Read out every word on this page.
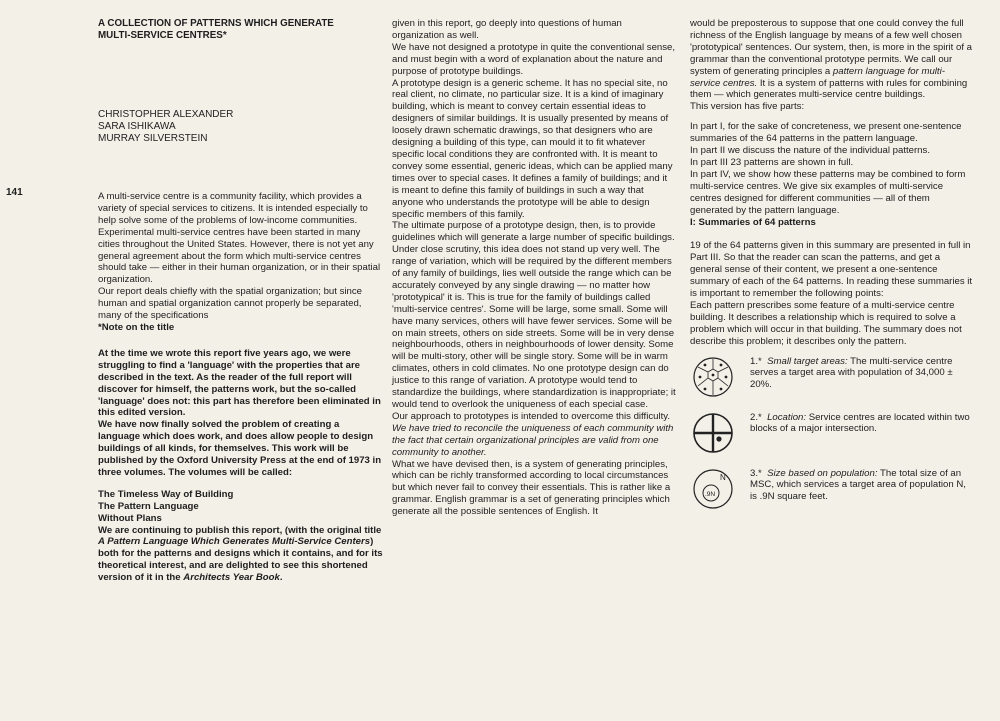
141

A COLLECTION OF PATTERNS WHICH GENERATE
MULTI-SERVICE CENTRES*

CHRISTOPHER ALEXANDER
SARA ISHIKAWA
MURRAY SILVERSTEIN

A multi-service centre is a community facility, which provides a variety of special services to citizens. It is intended especially to help solve some of the problems of low-income communities. Experimental multi-service centres have been started in many cities throughout the United States. However, there is not yet any general agreement about the form which multi-service centres should take — either in their human organization, or in their spatial organization.

Our report deals chiefly with the spatial organization; but since human and spatial organization cannot properly be separated, many of the specifications

*Note on the title

At the time we wrote this report five years ago, we were struggling to find a 'language' with the properties that are described in the text. As the reader of the full report will discover for himself, the patterns work, but the so-called 'language' does not: this part has therefore been eliminated in this edited version.

We have now finally solved the problem of creating a language which does work, and does allow people to design buildings of all kinds, for themselves. This work will be published by the Oxford University Press at the end of 1973 in three volumes. The volumes will be called:

The Timeless Way of Building
The Pattern Language
Without Plans

We are continuing to publish this report, (with the original title A Pattern Language Which Generates Multi-Service Centers) both for the patterns and designs which it contains, and for its theoretical interest, and are delighted to see this shortened version of it in the Architects Year Book.

given in this report, go deeply into questions of human organization as well.

We have not designed a prototype in quite the conventional sense, and must begin with a word of explanation about the nature and purpose of prototype buildings.

A prototype design is a generic scheme. It has no special site, no real client, no climate, no particular size. It is a kind of imaginary building, which is meant to convey certain essential ideas to designers of similar buildings. It is usually presented by means of loosely drawn schematic drawings, so that designers who are designing a building of this type, can mould it to fit whatever specific local conditions they are confronted with. It is meant to convey some essential, generic ideas, which can be applied many times over to special cases. It defines a family of buildings; and it is meant to define this family of buildings in such a way that anyone who understands the prototype will be able to design specific members of this family.

The ultimate purpose of a prototype design, then, is to provide guidelines which will generate a large number of specific buildings.

Under close scrutiny, this idea does not stand up very well. The range of variation, which will be required by the different members of any family of buildings, lies well outside the range which can be accurately conveyed by any single drawing — no matter how 'prototypical' it is. This is true for the family of buildings called 'multi-service centres'. Some will be large, some small. Some will have many services, others will have fewer services. Some will be on main streets, others on side streets. Some will be in very dense neighbourhoods, others in neighbourhoods of lower density. Some will be multi-story, other will be single story. Some will be in warm climates, others in cold climates. No one prototype design can do justice to this range of variation. A prototype would tend to standardize the buildings, where standardization is inappropriate; it would tend to overlook the uniqueness of each special case.

Our approach to prototypes is intended to overcome this difficulty. We have tried to reconcile the uniqueness of each community with the fact that certain organizational principles are valid from one community to another.

What we have devised then, is a system of generating principles, which can be richly transformed according to local circumstances but which never fail to convey their essentials. This is rather like a grammar. English grammar is a set of generating principles which generate all the possible sentences of English. It

would be preposterous to suppose that one could convey the full richness of the English language by means of a few well chosen 'prototypical' sentences. Our system, then, is more in the spirit of a grammar than the conventional prototype permits. We call our system of generating principles a pattern language for multi-service centres. It is a system of patterns with rules for combining them — which generates multi-service centre buildings.

This version has five parts:

In part I, for the sake of concreteness, we present one-sentence summaries of the 64 patterns in the pattern language.

In part II we discuss the nature of the individual patterns.

In part III 23 patterns are shown in full.

In part IV, we show how these patterns may be combined to form multi-service centres. We give six examples of multi-service centres designed for different communities — all of them generated by the pattern language.

I: Summaries of 64 patterns

19 of the 64 patterns given in this summary are presented in full in Part III. So that the reader can scan the patterns, and get a general sense of their content, we present a one-sentence summary of each of the 64 patterns. In reading these summaries it is important to remember the following points:

Each pattern prescribes some feature of a multi-service centre building. It describes a relationship which is required to solve a problem which will occur in that building. The summary does not describe this problem; it describes only the pattern.

1.* Small target areas: The multi-service centre serves a target area with population of 34,000 ± 20%.
2.* Location: Service centres are located within two blocks of a major intersection.
N
.9N
3.* Size based on population: The total size of an MSC, which services a target area of population N, is .9N square feet.
